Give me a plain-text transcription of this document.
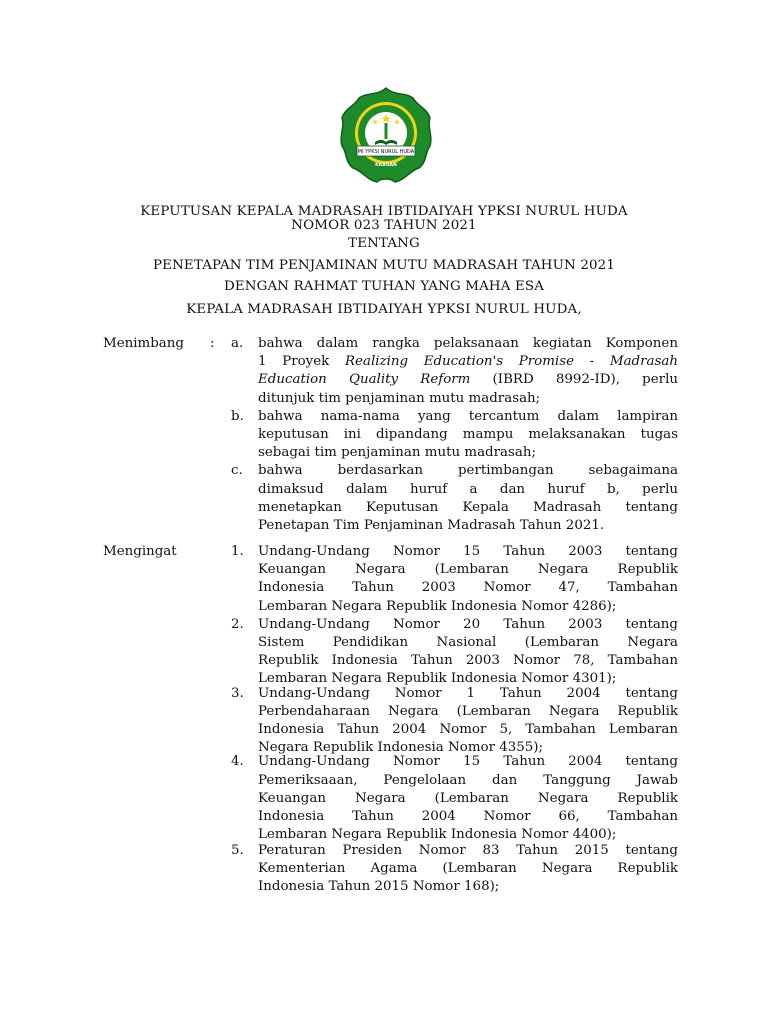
MADRASAH IBTIDAIYAH YPKSI NURUL HUDA
MI YPKSI NURUL HUDA
KRAGAN
KEPUTUSAN KEPALA MADRASAH IBTIDAIYAH YPKSI NURUL HUDA
NOMOR 023 TAHUN 2021
TENTANG
PENETAPAN TIM PENJAMINAN MUTU MADRASAH TAHUN 2021
DENGAN RAHMAT TUHAN YANG MAHA ESA
KEPALA MADRASAH IBTIDAIYAH YPKSI NURUL HUDA,
Menimbang : a. bahwa dalam rangka pelaksanaan kegiatan Komponen
1 Proyek Realizing Education's Promise - Madrasah
Education Quality Reform (IBRD 8992-ID), perlu
ditunjuk tim penjaminan mutu madrasah;
b. bahwa nama-nama yang tercantum dalam lampiran
keputusan ini dipandang mampu melaksanakan tugas
sebagai tim penjaminan mutu madrasah;
c. bahwa berdasarkan pertimbangan sebagaimana
dimaksud dalam huruf a dan huruf b, perlu
menetapkan Keputusan Kepala Madrasah tentang
Penetapan Tim Penjaminan Madrasah Tahun 2021.
Mengingat	1. Undang-Undang Nomor 15 Tahun 2003 tentang
Keuangan Negara (Lembaran Negara Republik
Indonesia Tahun 2003 Nomor 47, Tambahan
Lembaran Negara Republik Indonesia Nomor 4286);
2. Undang-Undang Nomor 20 Tahun 2003 tentang
Sistem Pendidikan Nasional (Lembaran Negara
Republik Indonesia Tahun 2003 Nomor 78, Tambahan
Lembaran Negara Republik Indonesia Nomor 4301);
3. Undang-Undang Nomor 1 Tahun 2004 tentang
Perbendaharaan Negara (Lembaran Negara Republik
Indonesia Tahun 2004 Nomor 5, Tambahan Lembaran
Negara Republik Indonesia Nomor 4355);
4. Undang-Undang Nomor 15 Tahun 2004 tentang
Pemeriksaaan, Pengelolaan dan Tanggung Jawab
Keuangan Negara (Lembaran Negara Republik
Indonesia Tahun 2004 Nomor 66, Tambahan
Lembaran Negara Republik Indonesia Nomor 4400);
5. Peraturan Presiden Nomor 83 Tahun 2015 tentang
Kementerian Agama (Lembaran Negara Republik
Indonesia Tahun 2015 Nomor 168);
